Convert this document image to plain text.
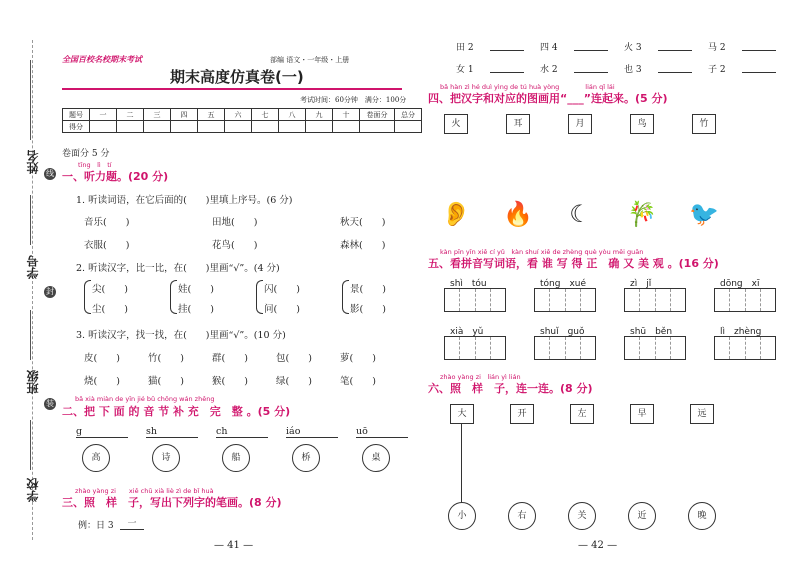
姓名 线
学号
封
班级
装
学校
全国百校名校期末考试	部编 语文・一年级・上册
期末高度仿真卷(一)
考试时间：60分钟　满分：100分
题号	一	二	三	四	五	六	七	八	九	十	卷面分	总分
得分												
卷面分 5 分
tīng　lì　tí
一、听力题。(20 分)
1. 听读词语，在它后面的(　　)里填上序号。(6 分)
音乐(　　)	田地(　　)	秋天(　　)
衣服(　　)	花鸟(　　)	森林(　　)
2. 听读汉字，比一比，在(　　)里画“√”。(4 分)
尖(　　)
尘(　　)
娃(　　)
挂(　　)
闪(　　)
问(　　)
景(　　)
影(　　)
3. 听读汉字，找一找，在(　　)里画“√”。(10 分)
皮(　　)	竹(　　)	群(　　)	包(　　)	萝(　　)
烧(　　)	猫(　　)	猴(　　)	绿(　　)	笔(　　)
bǎ xià miàn de yīn jié bǔ chōng wán zhěng
二、把 下 面 的 音 节 补 充　完　整 。(5 分)
g
高
sh
诗
ch
船
iáo
桥
uō
桌
zhào yàng zi　　xiě chū xià liè zì de bǐ huà
三、照　样　子，写出下列字的笔画。(8 分)
例：日 3	一
— 41 —
田 2	四 4	火 3	马 2
女 1	水 2	也 3	子 2
bǎ hàn zì hé duì yìng de tú huà yòng　　　　lián qǐ lái
四、把汉字和对应的图画用“___”连起来。(5 分)
火	耳	月	鸟	竹
👂 🔥	☾	🎋 🐦
kàn pīn yīn xiě cí yǔ　kàn shuí xiě de zhèng què yòu měi guān
五、看拼音写词语，看 谁 写 得 正　确 又 美 观 。(16 分)
shì　tóu	tóng　xué	zì　jǐ	dōng　xī
xià　yǔ	shuǐ　guǒ	shū　běn	lì　zhèng
zhào yàng zi　lián yì lián
六、照　样　子，连一连。(8 分)
大	开	左	早	远
小	右	关	近	晚
— 42 —
